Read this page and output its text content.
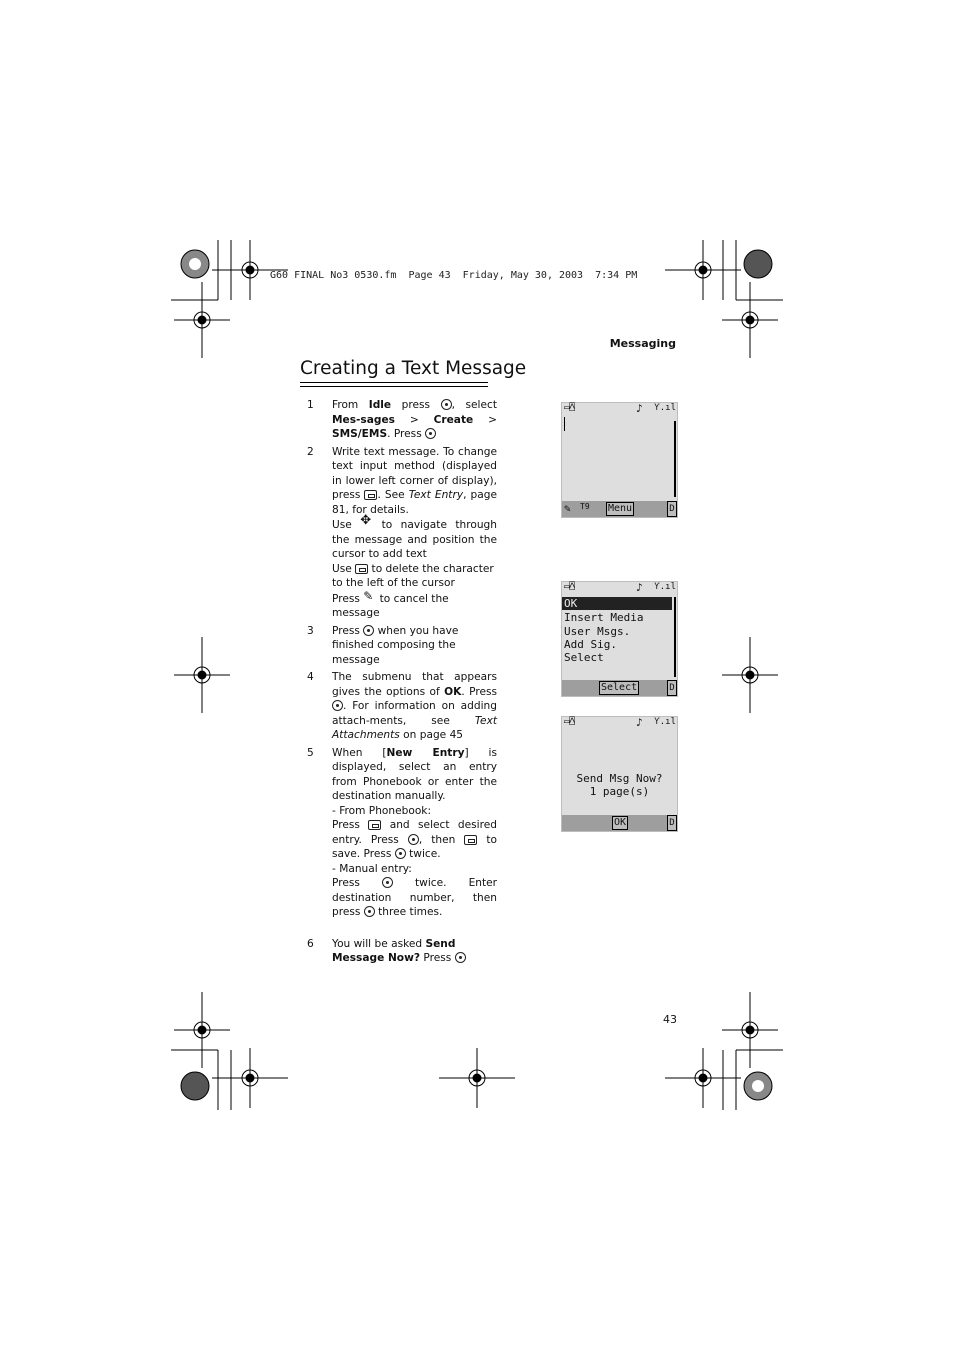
G60 FINAL No3 0530.fm  Page 43  Friday, May 30, 2003  7:34 PM
Messaging
Creating a Text Message
1 From Idle press , select Mes-sages > Create > SMS/EMS. Press

2 Write text message. To change text input method (displayed in lower left corner of display), press . See Text Entry, page 81, for details.

Use ✥ to navigate through the message and position the cursor to add text

Use  to delete the character to the left of the cursor

Press ✎ to cancel the message

3 Press  when you have finished composing the message

4 The submenu that appears gives the options of OK. Press . For information on adding attach-ments, see Text Attachments on page 45

5 When [New Entry] is displayed, select an entry from Phonebook or enter the destination manually.

- From Phonebook:

Press  and select desired entry. Press , then  to save. Press  twice.

- Manual entry:

Press  twice. Enter destination number, then press  three times.

6 You will be asked Send Message Now? Press

▭⍓	♪ Ƴ.ıl
✎ T9 Menu	D
▭⍓	♪ Ƴ.ıl
OK
Insert Media
User Msgs.
Add Sig.
Select
Select	D
▭⍓	♪ Ƴ.ıl
Send Msg Now?
1 page(s)
OK	D
43
